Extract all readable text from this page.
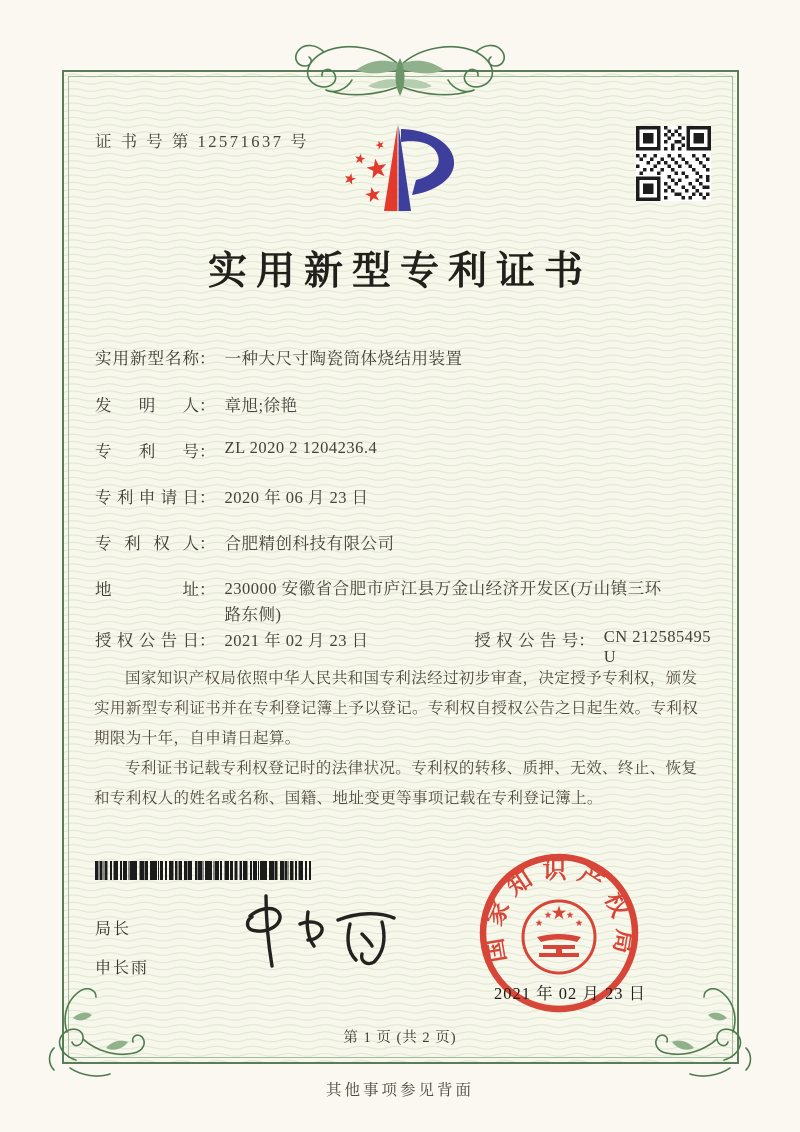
证 书 号 第 12571637 号
实用新型专利证书
实用新型名称 ： 一种大尺寸陶瓷筒体烧结用装置
发明人 ： 章旭;徐艳
专利号 ： ZL 2020 2 1204236.4
专利申请日 ： 2020 年 06 月 23 日
专利权人 ： 合肥精创科技有限公司
地址 ： 230000 安徽省合肥市庐江县万金山经济开发区(万山镇三环路东侧)
授权公告日 ： 2021 年 02 月 23 日	授权公告号 ： CN 212585495 U

国家知识产权局依照中华人民共和国专利法经过初步审查，决定授予专利权，颁发实用新型专利证书并在专利登记簿上予以登记。专利权自授权公告之日起生效。专利权期限为十年，自申请日起算。

专利证书记载专利权登记时的法律状况。专利权的转移、质押、无效、终止、恢复和专利权人的姓名或名称、国籍、地址变更等事项记载在专利登记簿上。

局长
申长雨
国家知识产权局
2021 年 02 月 23 日
第 1 页 (共 2 页)
其他事项参见背面
